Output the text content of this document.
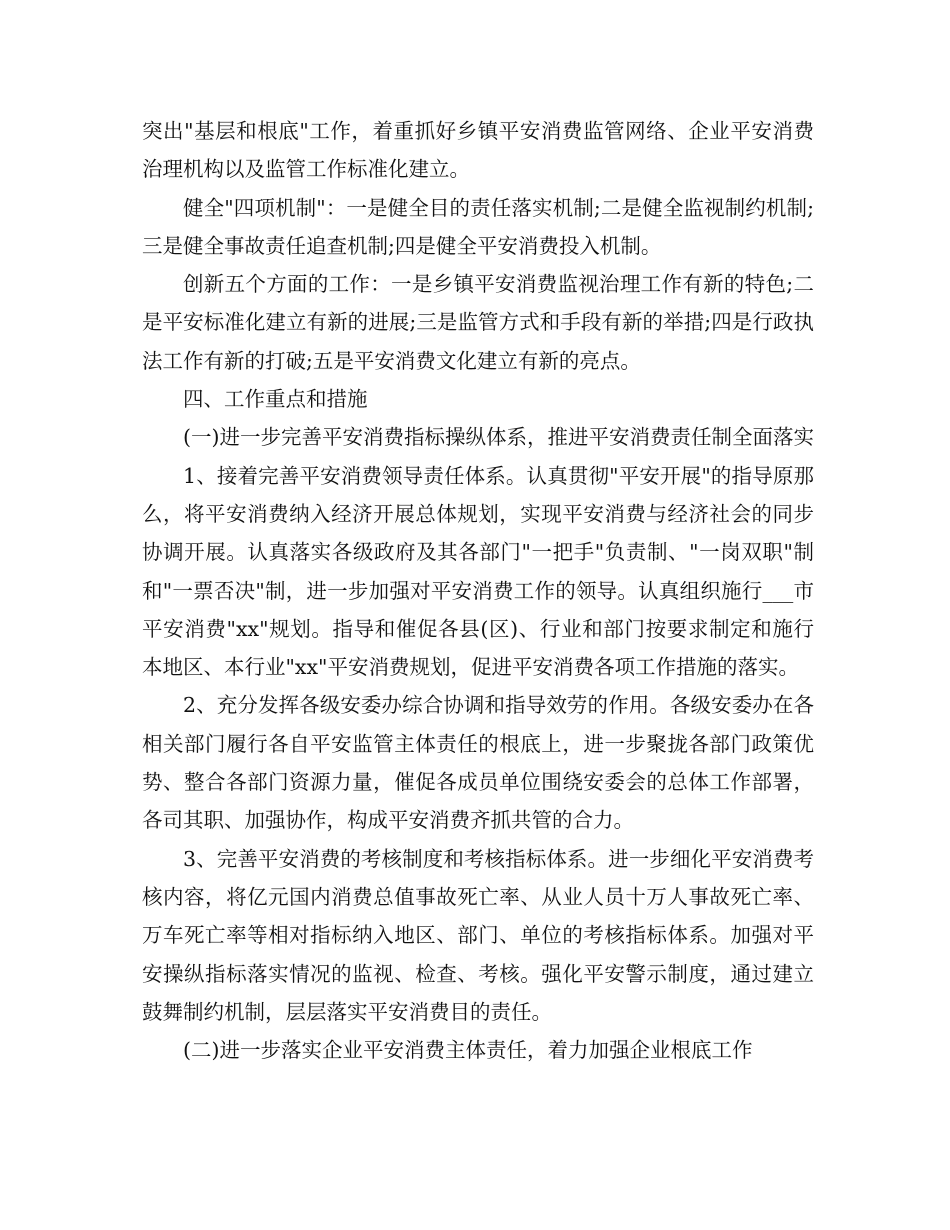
突出"基层和根底"工作，着重抓好乡镇平安消费监管网络、企业平安消费治理机构以及监管工作标准化建立。

健全"四项机制"：一是健全目的责任落实机制;二是健全监视制约机制;三是健全事故责任追查机制;四是健全平安消费投入机制。

创新五个方面的工作：一是乡镇平安消费监视治理工作有新的特色;二是平安标准化建立有新的进展;三是监管方式和手段有新的举措;四是行政执法工作有新的打破;五是平安消费文化建立有新的亮点。

四、工作重点和措施

(一)进一步完善平安消费指标操纵体系，推进平安消费责任制全面落实

1、接着完善平安消费领导责任体系。认真贯彻"平安开展"的指导原那么，将平安消费纳入经济开展总体规划，实现平安消费与经济社会的同步协调开展。认真落实各级政府及其各部门"一把手"负责制、"一岗双职"制和"一票否决"制，进一步加强对平安消费工作的领导。认真组织施行___市平安消费"xx"规划。指导和催促各县(区)、行业和部门按要求制定和施行本地区、本行业"xx"平安消费规划，促进平安消费各项工作措施的落实。

2、充分发挥各级安委办综合协调和指导效劳的作用。各级安委办在各相关部门履行各自平安监管主体责任的根底上，进一步聚拢各部门政策优势、整合各部门资源力量，催促各成员单位围绕安委会的总体工作部署，各司其职、加强协作，构成平安消费齐抓共管的合力。

3、完善平安消费的考核制度和考核指标体系。进一步细化平安消费考核内容，将亿元国内消费总值事故死亡率、从业人员十万人事故死亡率、万车死亡率等相对指标纳入地区、部门、单位的考核指标体系。加强对平安操纵指标落实情况的监视、检查、考核。强化平安警示制度，通过建立鼓舞制约机制，层层落实平安消费目的责任。

(二)进一步落实企业平安消费主体责任，着力加强企业根底工作
